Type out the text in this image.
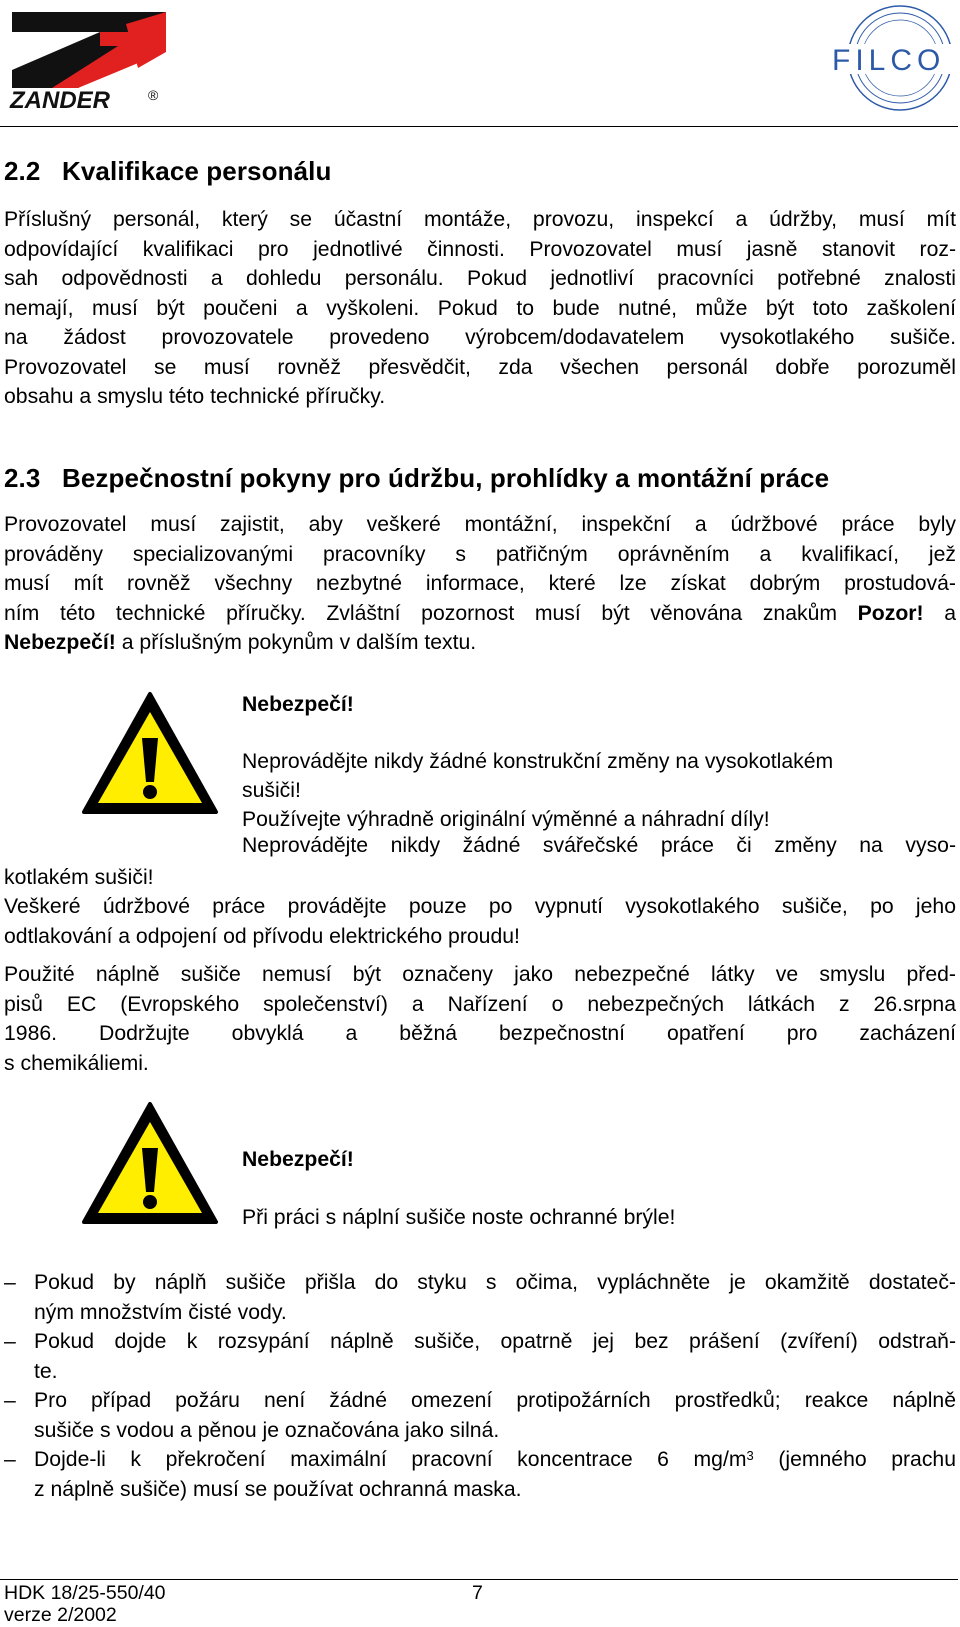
ZANDER	®
FILCO
2.2 Kvalifikace personálu
Příslušný personál, který se účastní montáže, provozu, inspekcí a údržby, musí mít
odpovídající kvalifikaci pro jednotlivé činnosti. Provozovatel musí jasně stanovit roz-
sah odpovědnosti a dohledu personálu. Pokud jednotliví pracovníci potřebné znalosti
nemají, musí být poučeni a vyškoleni. Pokud to bude nutné, může být toto zaškolení
na žádost provozovatele provedeno výrobcem/dodavatelem vysokotlakého sušiče.
Provozovatel se musí rovněž přesvědčit, zda všechen personál dobře porozuměl
obsahu a smyslu této technické příručky.
2.3 Bezpečnostní pokyny pro údržbu, prohlídky a montážní práce
Provozovatel musí zajistit, aby veškeré montážní, inspekční a údržbové práce byly
prováděny specializovanými pracovníky s patřičným oprávněním a kvalifikací, jež
musí mít rovněž všechny nezbytné informace, které lze získat dobrým prostudová-
ním této technické příručky. Zvláštní pozornost musí být věnována znakům Pozor! a
Nebezpečí! a příslušným pokynům v dalším textu.
Nebezpečí!
Neprovádějte nikdy žádné konstrukční změny na vysokotlakém
sušiči!
Používejte výhradně originální výměnné a náhradní díly!
Neprovádějte nikdy žádné svářečské práce či změny na vyso-
kotlakém sušiči!
Veškeré údržbové práce provádějte pouze po vypnutí vysokotlakého sušiče, po jeho
odtlakování a odpojení od přívodu elektrického proudu!
Použité náplně sušiče nemusí být označeny jako nebezpečné látky ve smyslu před-
pisů EC (Evropského společenství) a Nařízení o nebezpečných látkách z 26.srpna
1986. Dodržujte obvyklá a běžná bezpečnostní opatření pro zacházení
s chemikáliemi.
Nebezpečí!
Při práci s náplní sušiče noste ochranné brýle!
– Pokud by náplň sušiče přišla do styku s očima, vypláchněte je okamžitě dostateč-
ným množstvím čisté vody.
– Pokud dojde k rozsypání náplně sušiče, opatrně jej bez prášení (zvíření) odstraň-
te.
– Pro případ požáru není žádné omezení protipožárních prostředků; reakce náplně
sušiče s vodou a pěnou je označována jako silná.
– Dojde-li k překročení maximální pracovní koncentrace 6 $mg/m^3$ (jemného prachu
z náplně sušiče) musí se používat ochranná maska.
HDK 18/25-550/40	7
verze 2/2002
